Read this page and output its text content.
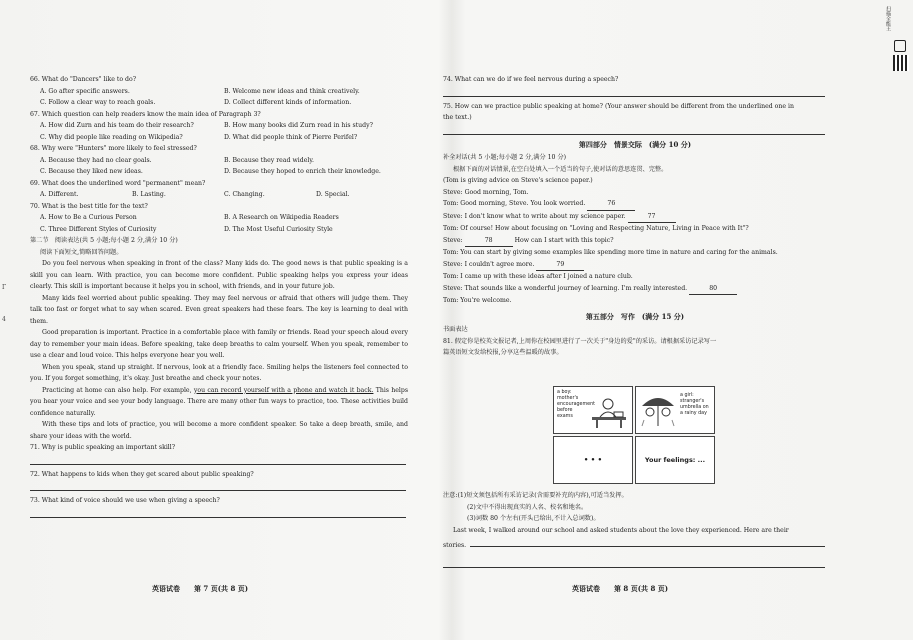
Γ
4
扫描全能王
66. What do "Dancers" like to do?
A. Go after specific answers.	B. Welcome new ideas and think creatively.
C. Follow a clear way to reach goals.	D. Collect different kinds of information.
67. Which question can help readers know the main idea of Paragraph 3?
A. How did Zurn and his team do their research?	B. How many books did Zurn read in his study?
C. Why did people like reading on Wikipedia?	D. What did people think of Pierre Perifel?
68. Why were "Hunters" more likely to feel stressed?
A. Because they had no clear goals.	B. Because they read widely.
C. Because they liked new ideas.	D. Because they hoped to enrich their knowledge.
69. What does the underlined word "permanent" mean?
A. Different.	B. Lasting.	C. Changing.	D. Special.
70. What is the best title for the text?
A. How to Be a Curious Person	B. A Research on Wikipedia Readers
C. Three Different Styles of Curiosity	D. The Most Useful Curiosity Style
第二节　阅读表达(共 5 小题;每小题 2 分,满分 10 分)
阅读下面短文,简略回答问题。

Do you feel nervous when speaking in front of the class? Many kids do. The good news is that public speaking is a skill you can learn. With practice, you can become more confident. Public speaking helps you express your ideas clearly. This skill is important because it helps you in school, with friends, and in your future job.

Many kids feel worried about public speaking. They may feel nervous or afraid that others will judge them. They talk too fast or forget what to say when scared. Even great speakers had these fears. The key is learning to deal with them.

Good preparation is important. Practice in a comfortable place with family or friends. Read your speech aloud every day to remember your main ideas. Before speaking, take deep breaths to calm yourself. When you speak, remember to use a clear and loud voice. This helps everyone hear you well.

When you speak, stand up straight. If nervous, look at a friendly face. Smiling helps the listeners feel connected to you. If you forget something, it's okay. Just breathe and check your notes.

Practicing at home can also help. For example, you can record yourself with a phone and watch it back. This helps you hear your voice and see your body language. There are many other fun ways to practice, too. These activities build confidence naturally.

With these tips and lots of practice, you will become a more confident speaker. So take a deep breath, smile, and share your ideas with the world.

71. Why is public speaking an important skill?
72. What happens to kids when they get scared about public speaking?
73. What kind of voice should we use when giving a speech?
74. What can we do if we feel nervous during a speech?
75. How can we practice public speaking at home? (Your answer should be different from the underlined one in
the text.)
第四部分　情景交际　(满分 10 分)
补全对话(共 5 小题;每小题 2 分,满分 10 分)
根据下面的对话情景,在空白处填入一个适当的句子,使对话的意思连贯、完整。
(Tom is giving advice on Steve's science paper.)
Steve: Good morning, Tom.
Tom: Good morning, Steve. You look worried.	76
Steve: I don't know what to write about my science paper.	77
Tom: Of course! How about focusing on "Loving and Respecting Nature, Living in Peace with It"?
Steve:	78	How can I start with this topic?
Tom: You can start by giving some examples like spending more time in nature and caring for the animals.
Steve: I couldn't agree more.	79
Tom: I came up with these ideas after I joined a nature club.
Steve: That sounds like a wonderful journey of learning. I'm really interested.	80
Tom: You're welcome.
第五部分　写作　(满分 15 分)
书面表达
81. 假定你是校英文报记者,上周你在校园里进行了一次关于"身边的爱"的采访。请根据采访记录写一
篇英语短文发给校报,分享这些温暖的故事。
a boy: mother's encouragement before exams
a girl: stranger's umbrella on a rainy day
• • •	Your feelings: ...
注意:(1)短文须包括所有采访记录(含需要补充的内容),可适当发挥。
(2)文中不得出现真实的人名、校名和地名。
(3)词数 80 个左右(开头已给出,不计入总词数)。
Last week, I walked around our school and asked students about the love they experienced. Here are their
stories.
英语试卷　　第 7 页(共 8 页)	英语试卷　　第 8 页(共 8 页)
